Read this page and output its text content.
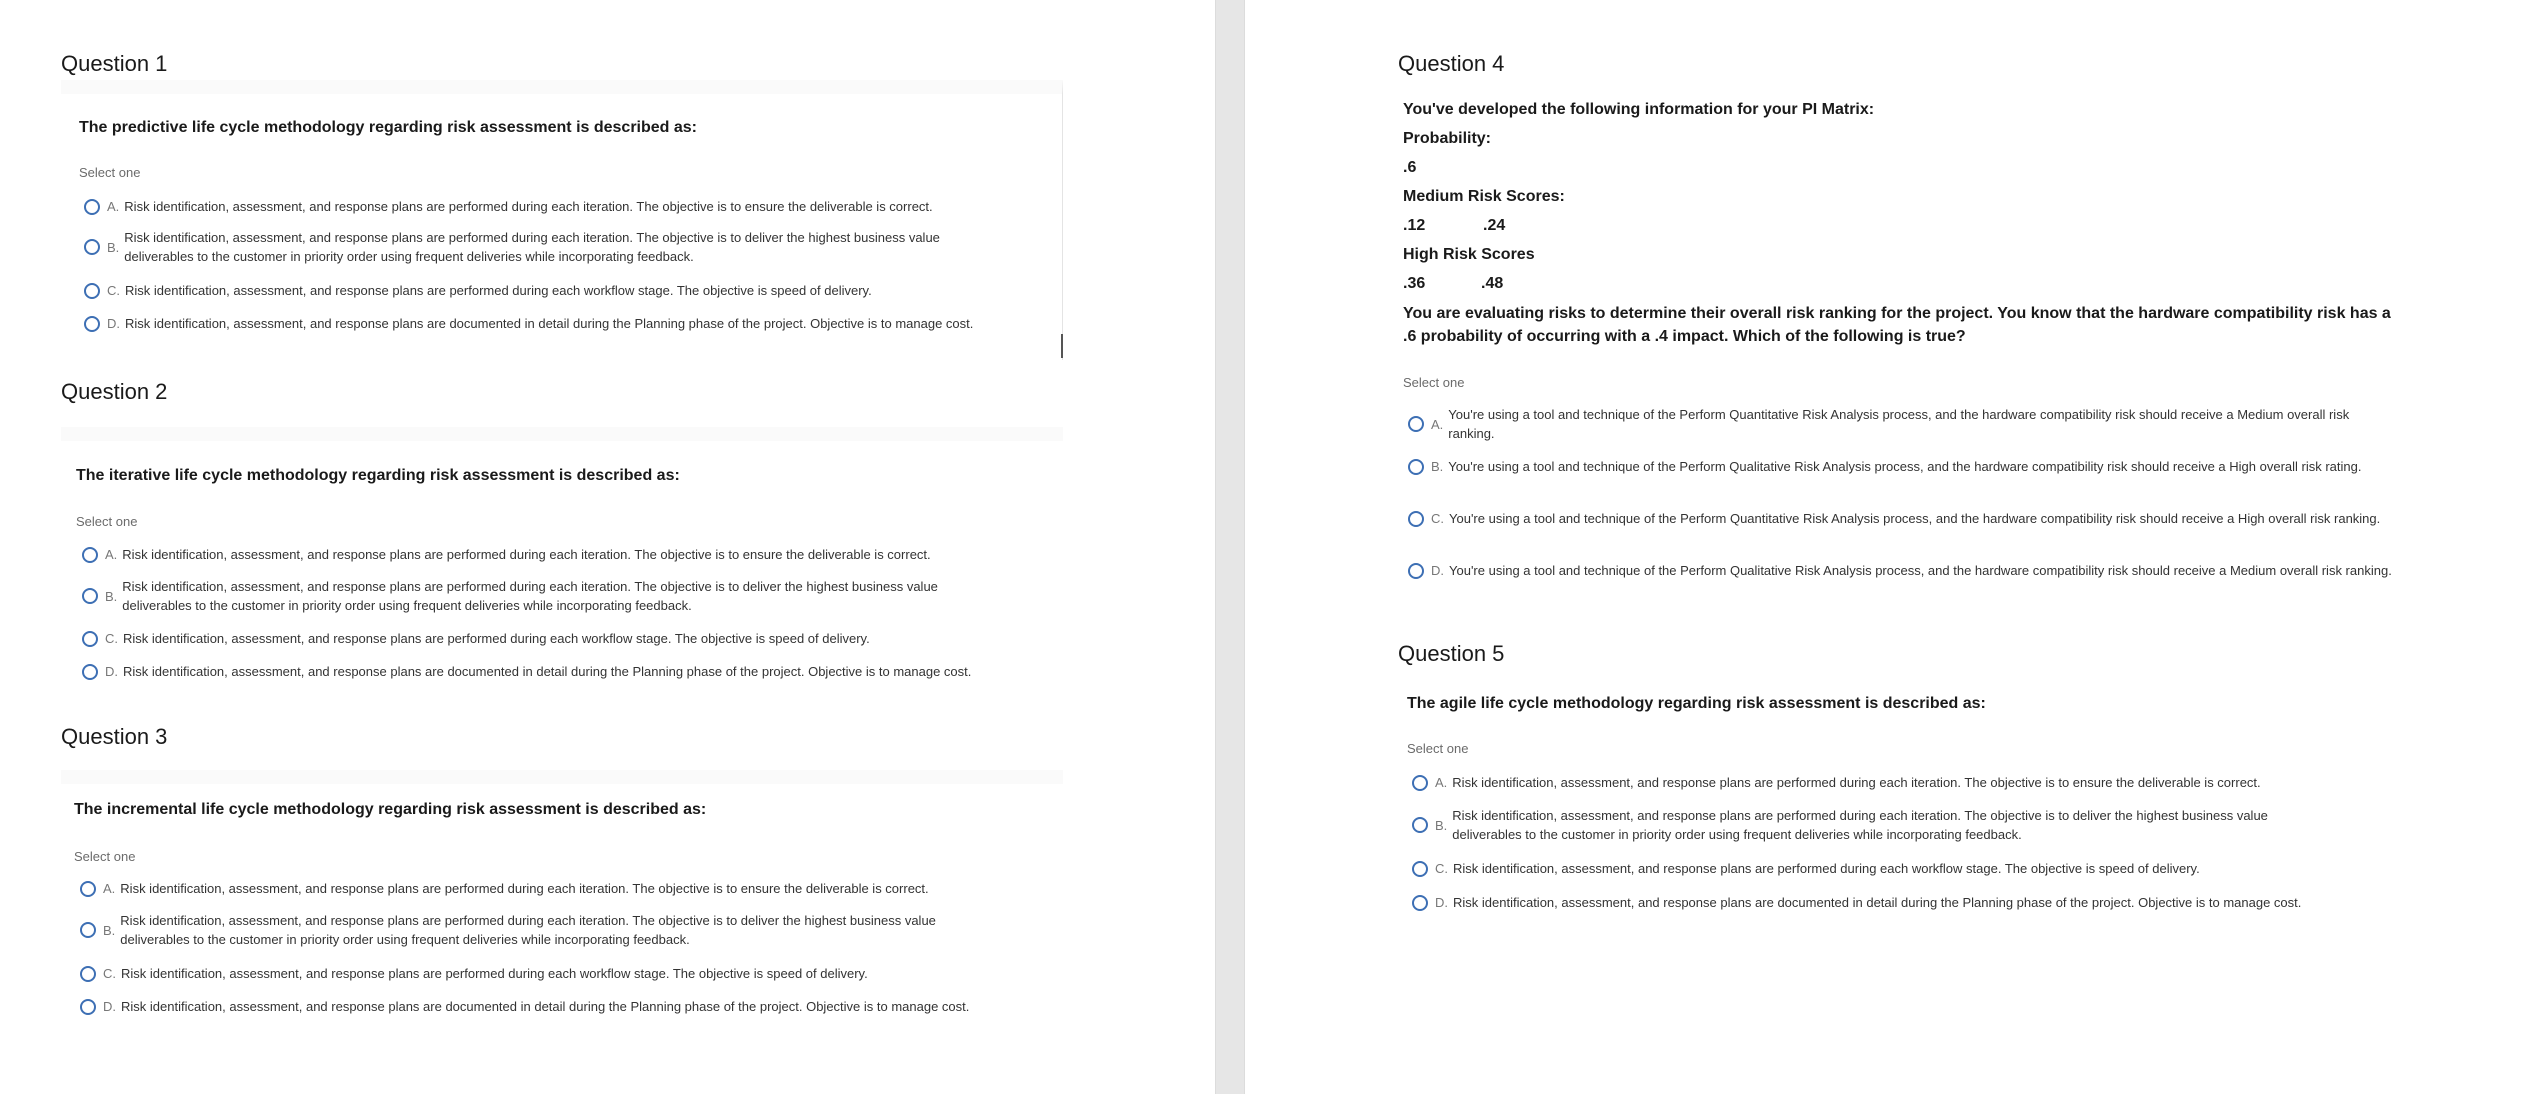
Question 1
The predictive life cycle methodology regarding risk assessment is described as:
Select one
A. Risk identification, assessment, and response plans are performed during each iteration. The objective is to ensure the deliverable is correct.
B.
Risk identification, assessment, and response plans are performed during each iteration. The objective is to deliver the highest business value deliverables to the customer in priority order using frequent deliveries while incorporating feedback.
C. Risk identification, assessment, and response plans are performed during each workflow stage. The objective is speed of delivery.
D. Risk identification, assessment, and response plans are documented in detail during the Planning phase of the project. Objective is to manage cost.
Question 2
The iterative life cycle methodology regarding risk assessment is described as:
Select one
A. Risk identification, assessment, and response plans are performed during each iteration. The objective is to ensure the deliverable is correct.
B.
Risk identification, assessment, and response plans are performed during each iteration. The objective is to deliver the highest business value deliverables to the customer in priority order using frequent deliveries while incorporating feedback.
C. Risk identification, assessment, and response plans are performed during each workflow stage. The objective is speed of delivery.
D. Risk identification, assessment, and response plans are documented in detail during the Planning phase of the project. Objective is to manage cost.
Question 3
The incremental life cycle methodology regarding risk assessment is described as:
Select one
A. Risk identification, assessment, and response plans are performed during each iteration. The objective is to ensure the deliverable is correct.
B.
Risk identification, assessment, and response plans are performed during each iteration. The objective is to deliver the highest business value deliverables to the customer in priority order using frequent deliveries while incorporating feedback.
C. Risk identification, assessment, and response plans are performed during each workflow stage. The objective is speed of delivery.
D. Risk identification, assessment, and response plans are documented in detail during the Planning phase of the project. Objective is to manage cost.
Question 4
You've developed the following information for your PI Matrix:
Probability:
.6
Medium Risk Scores:
.12	.24
High Risk Scores
.36	.48
You are evaluating risks to determine their overall risk ranking for the project. You know that the hardware compatibility risk has a .6 probability of occurring with a .4 impact. Which of the following is true?
Select one
A.
You're using a tool and technique of the Perform Quantitative Risk Analysis process, and the hardware compatibility risk should receive a Medium overall risk ranking.
B. You're using a tool and technique of the Perform Qualitative Risk Analysis process, and the hardware compatibility risk should receive a High overall risk rating.
C. You're using a tool and technique of the Perform Quantitative Risk Analysis process, and the hardware compatibility risk should receive a High overall risk ranking.
D. You're using a tool and technique of the Perform Qualitative Risk Analysis process, and the hardware compatibility risk should receive a Medium overall risk ranking.
Question 5
The agile life cycle methodology regarding risk assessment is described as:
Select one
A. Risk identification, assessment, and response plans are performed during each iteration. The objective is to ensure the deliverable is correct.
B.
Risk identification, assessment, and response plans are performed during each iteration. The objective is to deliver the highest business value deliverables to the customer in priority order using frequent deliveries while incorporating feedback.
C. Risk identification, assessment, and response plans are performed during each workflow stage. The objective is speed of delivery.
D. Risk identification, assessment, and response plans are documented in detail during the Planning phase of the project. Objective is to manage cost.
